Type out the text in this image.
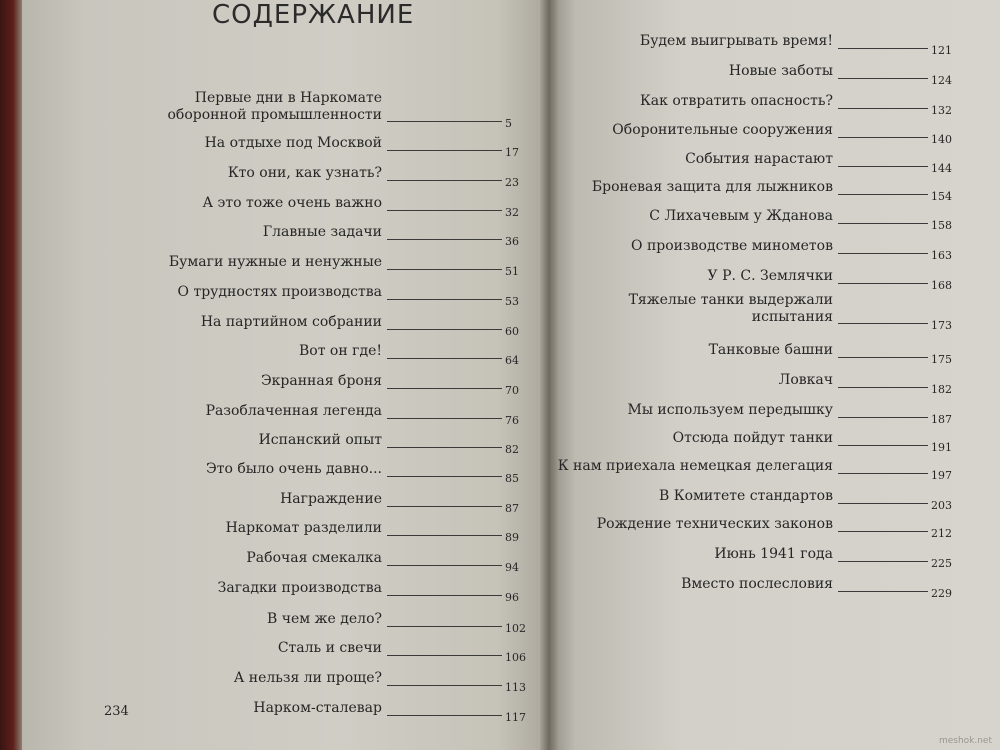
СОДЕРЖАНИЕ
Первые дни в Наркомате оборонной промышленности
5
На отдыхе под Москвой
17
Кто они, как узнать?
23
А это тоже очень важно
32
Главные задачи
36
Бумаги нужные и ненужные
51
О трудностях производства
53
На партийном собрании
60
Вот он где!
64
Экранная броня
70
Разоблаченная легенда
76
Испанский опыт
82
Это было очень давно...
85
Награждение
87
Наркомат разделили
89
Рабочая смекалка
94
Загадки производства
96
В чем же дело?
102
Сталь и свечи
106
А нельзя ли проще?
113
Нарком-сталевар
117
234
Будем выигрывать время!
121
Новые заботы
124
Как отвратить опасность?
132
Оборонительные сооружения
140
События нарастают
144
Броневая защита для лыжников
154
С Лихачевым у Жданова
158
О производстве минометов
163
У Р. С. Землячки
168
Тяжелые танки выдержали испытания
173
Танковые башни
175
Ловкач
182
Мы используем передышку
187
Отсюда пойдут танки
191
К нам приехала немецкая делегация
197
В Комитете стандартов
203
Рождение технических законов
212
Июнь 1941 года
225
Вместо послесловия
229
meshok.net
